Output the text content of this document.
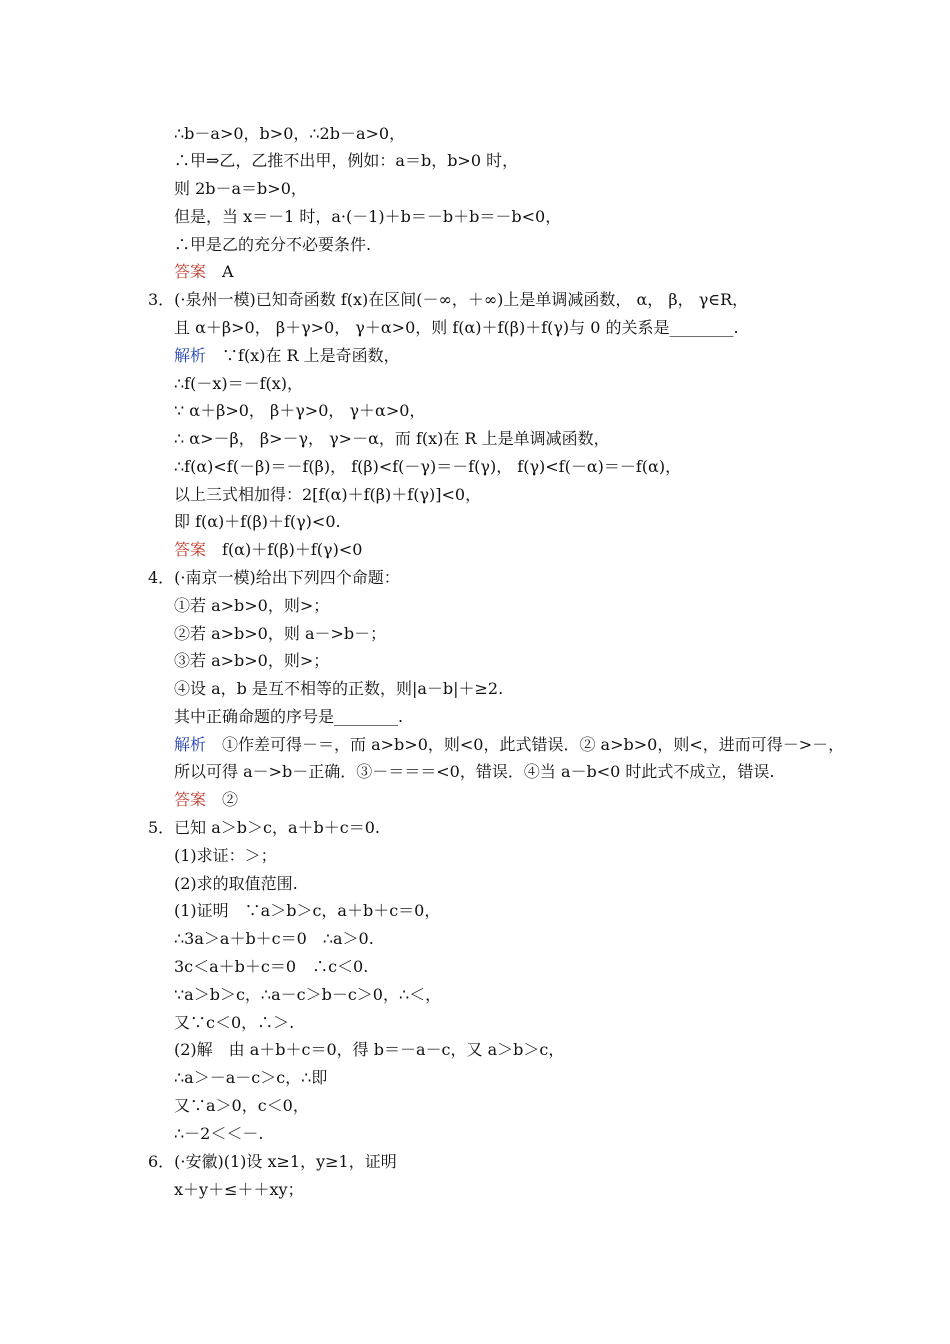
∴b－a>0，b>0，∴2b－a>0，
∴甲⇒乙，乙推不出甲，例如：a＝b，b>0 时，
则 2b－a＝b>0，
但是，当 x＝－1 时，a·(－1)＋b＝－b＋b＝－b<0，
∴甲是乙的充分不必要条件.
答案　A
3．(·泉州一模)已知奇函数 f(x)在区间(－∞，＋∞)上是单调减函数， α， β， γ∈R，
且 α＋β>0， β＋γ>0， γ＋α>0，则 f(α)＋f(β)＋f(γ)与 0 的关系是________.
解析　∵f(x)在 R 上是奇函数，
∴f(－x)＝－f(x)，
∵ α＋β>0， β＋γ>0， γ＋α>0，
∴ α>－β， β>－γ， γ>－α，而 f(x)在 R 上是单调减函数，
∴f(α)<f(－β)＝－f(β)， f(β)<f(－γ)＝－f(γ)， f(γ)<f(－α)＝－f(α)，
以上三式相加得：2[f(α)＋f(β)＋f(γ)]<0，
即 f(α)＋f(β)＋f(γ)<0.
答案　f(α)＋f(β)＋f(γ)<0
4．(·南京一模)给出下列四个命题：
①若 a>b>0，则>；
②若 a>b>0，则 a－>b－；
③若 a>b>0，则>；
④设 a，b 是互不相等的正数，则|a－b|＋≥2.
其中正确命题的序号是________.
解析　①作差可得－＝，而 a>b>0，则<0，此式错误．② a>b>0，则<，进而可得－>－，
所以可得 a－>b－正确．③－＝＝＝<0，错误．④当 a－b<0 时此式不成立，错误.
答案　②
5．已知 a＞b＞c，a＋b＋c＝0.
(1)求证：＞；
(2)求的取值范围.
(1)证明　∵a＞b＞c，a＋b＋c＝0，
∴3a＞a＋b＋c＝0　∴a＞0.
3c＜a＋b＋c＝0　∴c＜0.
∵a＞b＞c，∴a－c＞b－c＞0，∴＜，
又∵c＜0，∴＞.
(2)解　由 a＋b＋c＝0，得 b＝－a－c，又 a＞b＞c，
∴a＞－a－c＞c，∴即
又∵a＞0，c＜0，
∴－2＜＜－.
6．(·安徽)(1)设 x≥1，y≥1，证明
x＋y＋≤＋＋xy；
